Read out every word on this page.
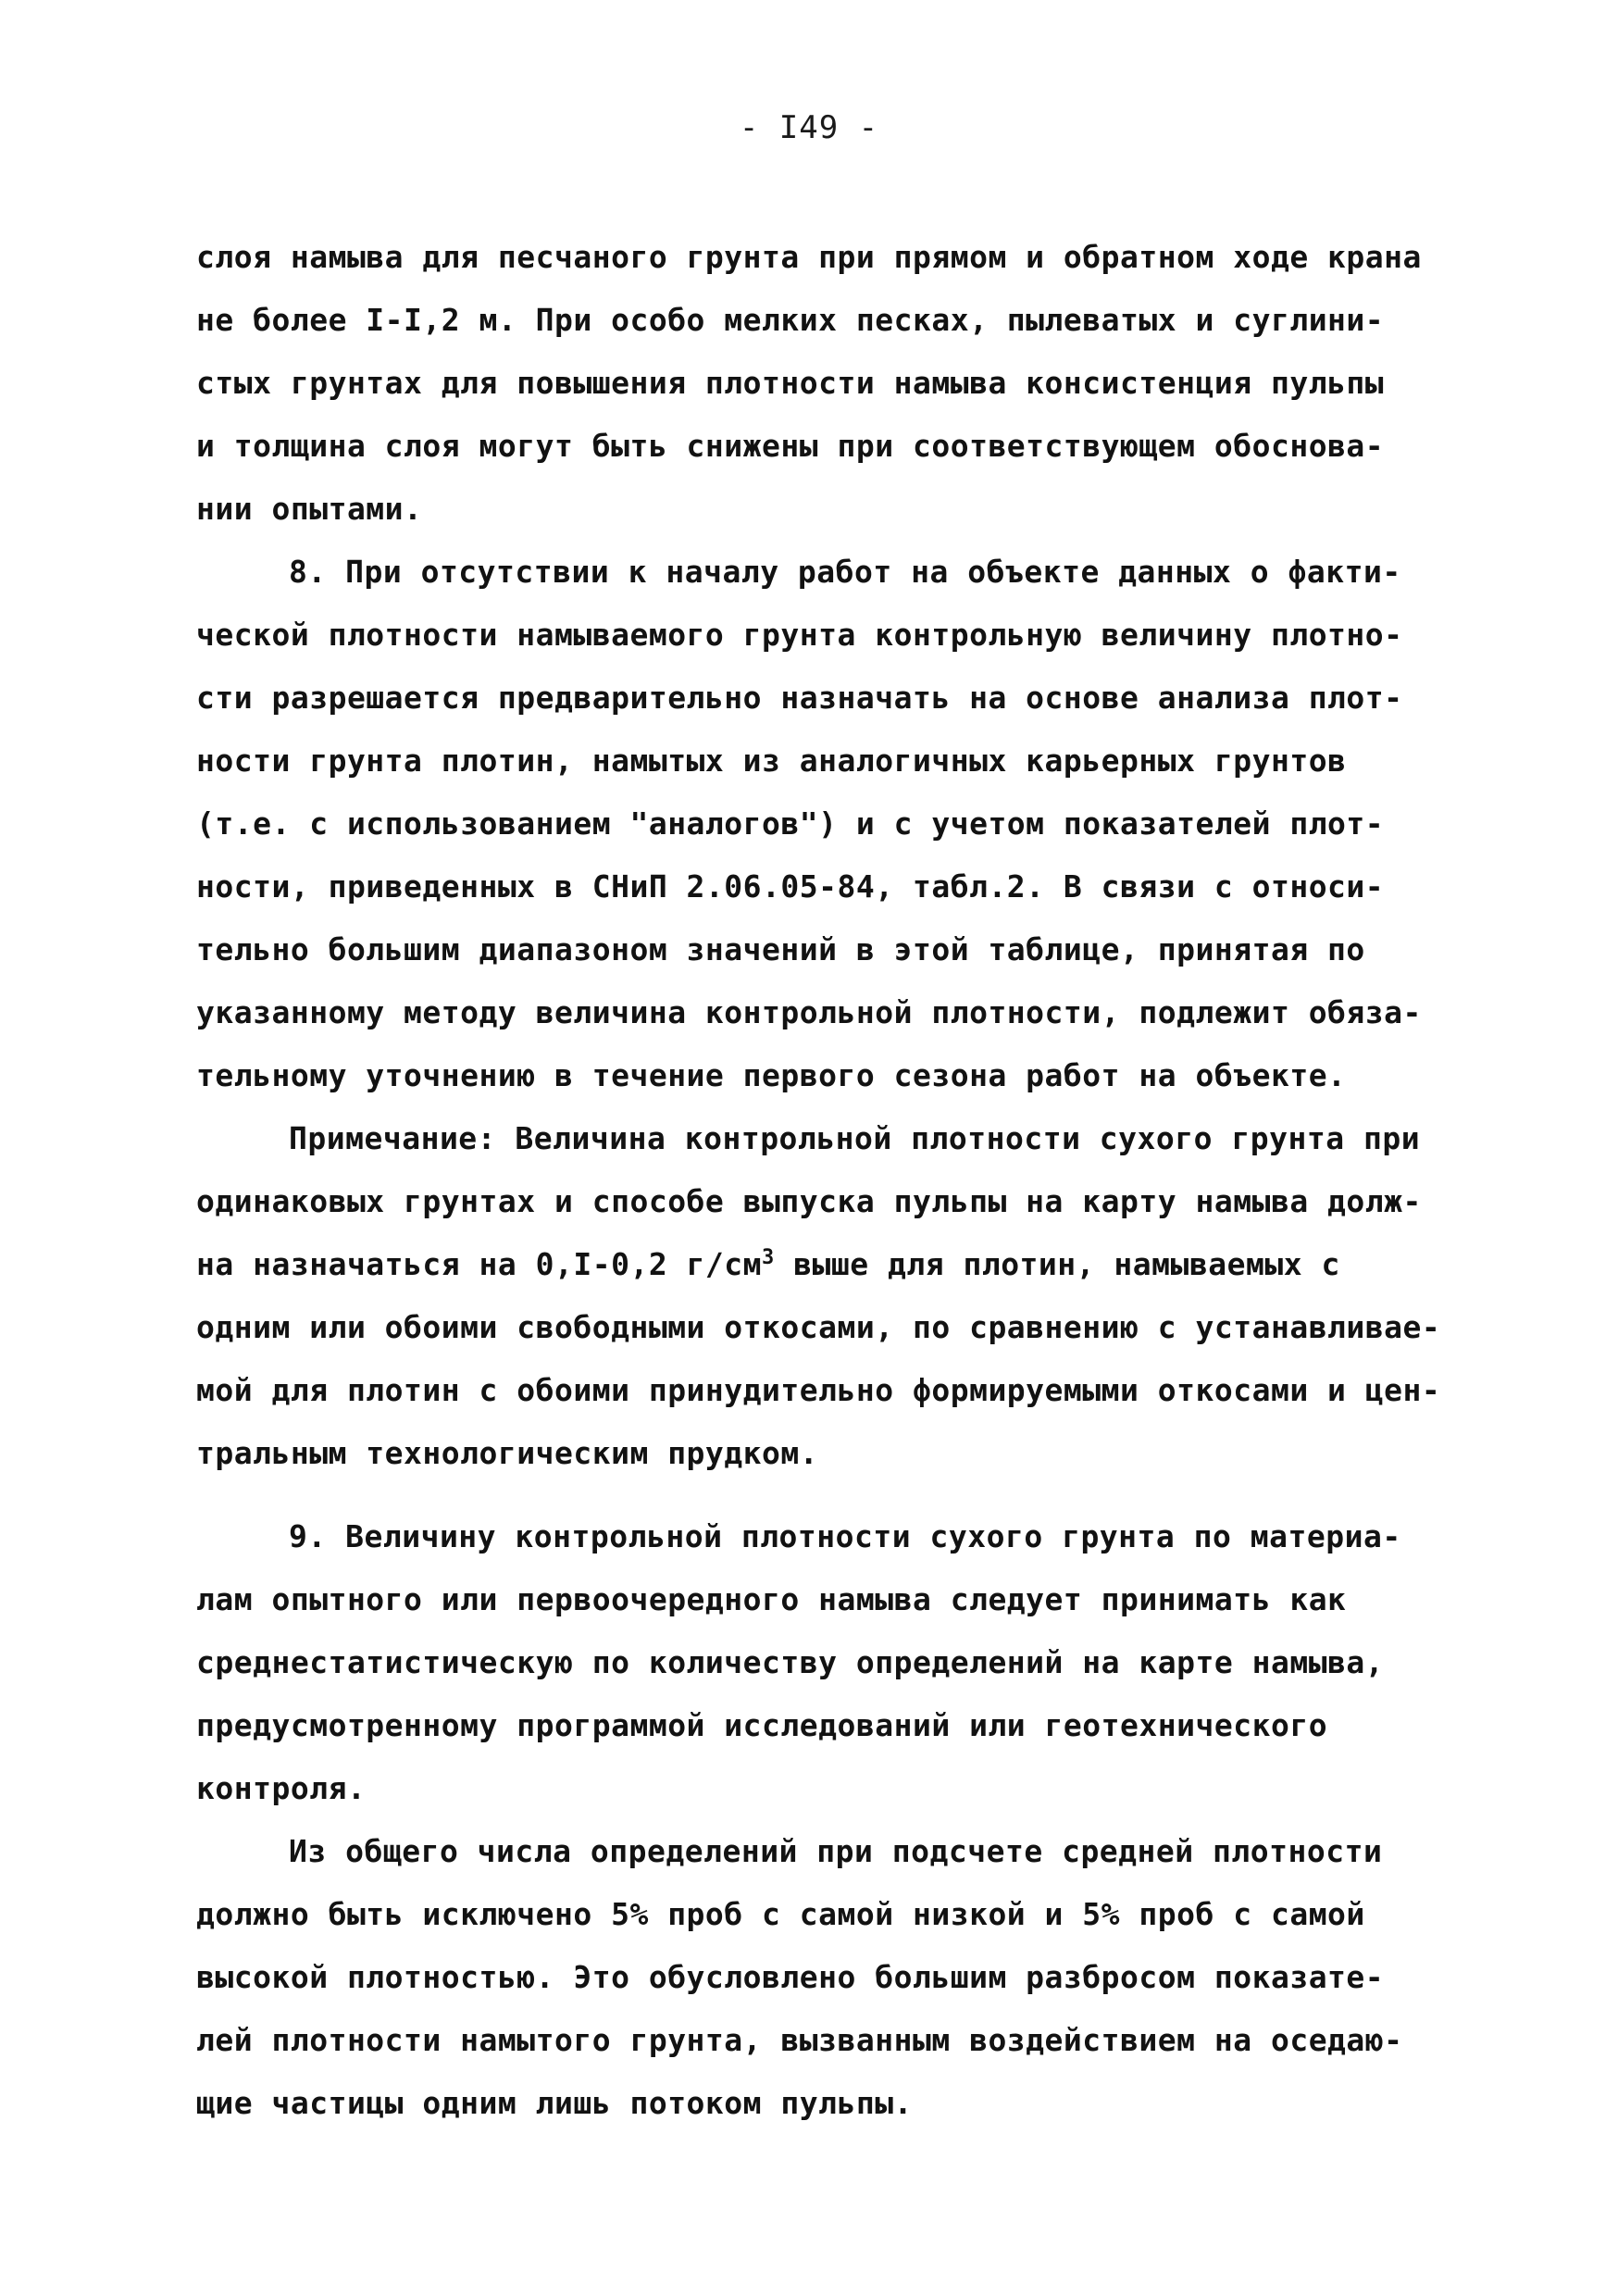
- I49 -
слоя намыва для песчаного грунта при прямом и обратном ходе крана
не более I-I,2 м. При особо мелких песках, пылеватых и суглини-
стых грунтах для повышения плотности намыва консистенция пульпы
и толщина слоя могут быть снижены при соответствующем обоснова-
нии опытами.
8. При отсутствии к началу работ на объекте данных о факти-
ческой плотности намываемого грунта контрольную величину плотно-
сти разрешается предварительно назначать на основе анализа плот-
ности грунта плотин, намытых из аналогичных карьерных грунтов
(т.е. с использованием "аналогов") и с учетом показателей плот-
ности, приведенных в СНиП 2.06.05-84, табл.2. В связи с относи-
тельно большим диапазоном значений в этой таблице, принятая по
указанному методу величина контрольной плотности, подлежит обяза-
тельному уточнению в течение первого сезона работ на объекте.
Примечание: Величина контрольной плотности сухого грунта при
одинаковых грунтах и способе выпуска пульпы на карту намыва долж-
на назначаться на 0,I-0,2 $г/см^3$ выше для плотин, намываемых с
одним или обоими свободными откосами, по сравнению с устанавливае-
мой для плотин с обоими принудительно формируемыми откосами и цен-
тральным технологическим прудком.
9. Величину контрольной плотности сухого грунта по материа-
лам опытного или первоочередного намыва следует принимать как
среднестатистическую по количеству определений на карте намыва,
предусмотренному программой исследований или геотехнического
контроля.
Из общего числа определений при подсчете средней плотности
должно быть исключено 5% проб с самой низкой и 5% проб с самой
высокой плотностью. Это обусловлено большим разбросом показате-
лей плотности намытого грунта, вызванным воздействием на оседаю-
щие частицы одним лишь потоком пульпы.
